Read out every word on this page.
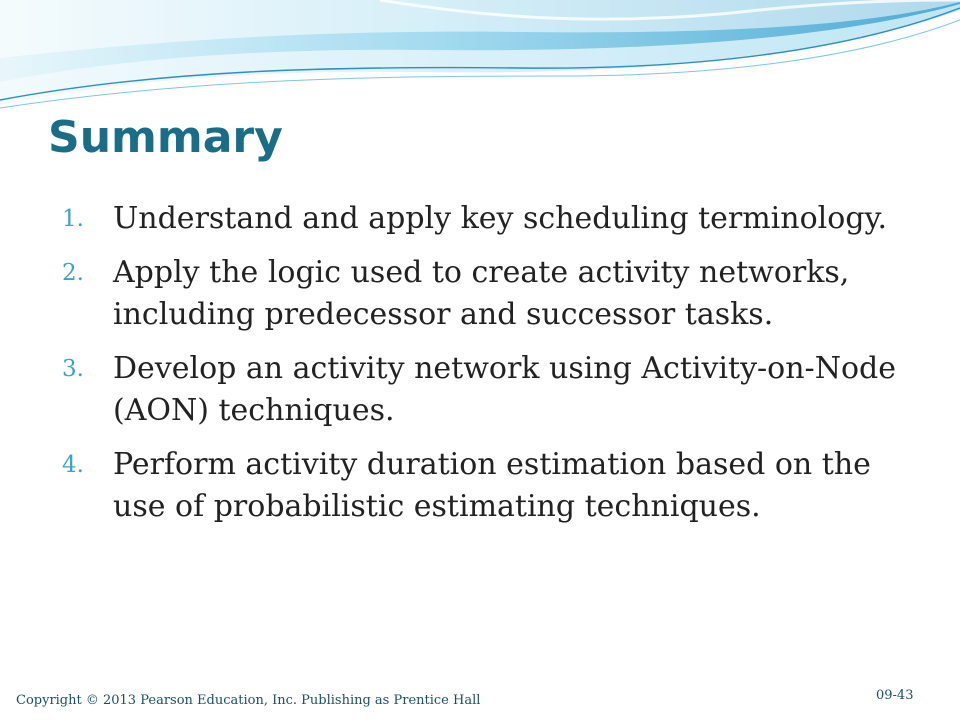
Summary
1. Understand and apply key scheduling terminology.
2. Apply the logic used to create activity networks, including predecessor and successor tasks.
3. Develop an activity network using Activity-on-Node (AON) techniques.
4. Perform activity duration estimation based on the use of probabilistic estimating techniques.
Copyright © 2013 Pearson Education, Inc. Publishing as Prentice Hall	09-43
